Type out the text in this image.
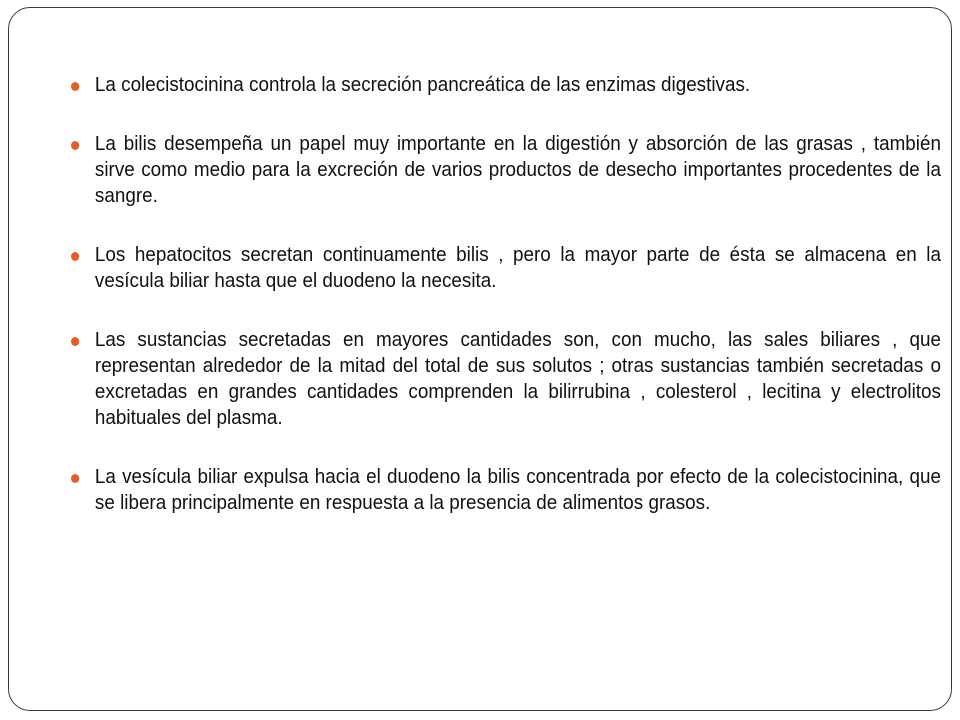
La colecistocinina controla la secreción pancreática de las enzimas digestivas.
La bilis desempeña un papel muy importante en la digestión y absorción de las grasas , también sirve como medio para la excreción de varios productos de desecho importantes procedentes de la sangre.
Los hepatocitos secretan continuamente bilis , pero la mayor parte de ésta se almacena en la vesícula biliar hasta que el duodeno la necesita.
Las sustancias secretadas en mayores cantidades son, con mucho, las sales biliares , que representan alrededor de la mitad del total de sus solutos ; otras sustancias también secretadas o excretadas en grandes cantidades comprenden la bilirrubina , colesterol , lecitina y electrolitos habituales del plasma.
La vesícula biliar expulsa hacia el duodeno la bilis concentrada por efecto de la colecistocinina, que se libera principalmente en respuesta a la presencia de alimentos grasos.
